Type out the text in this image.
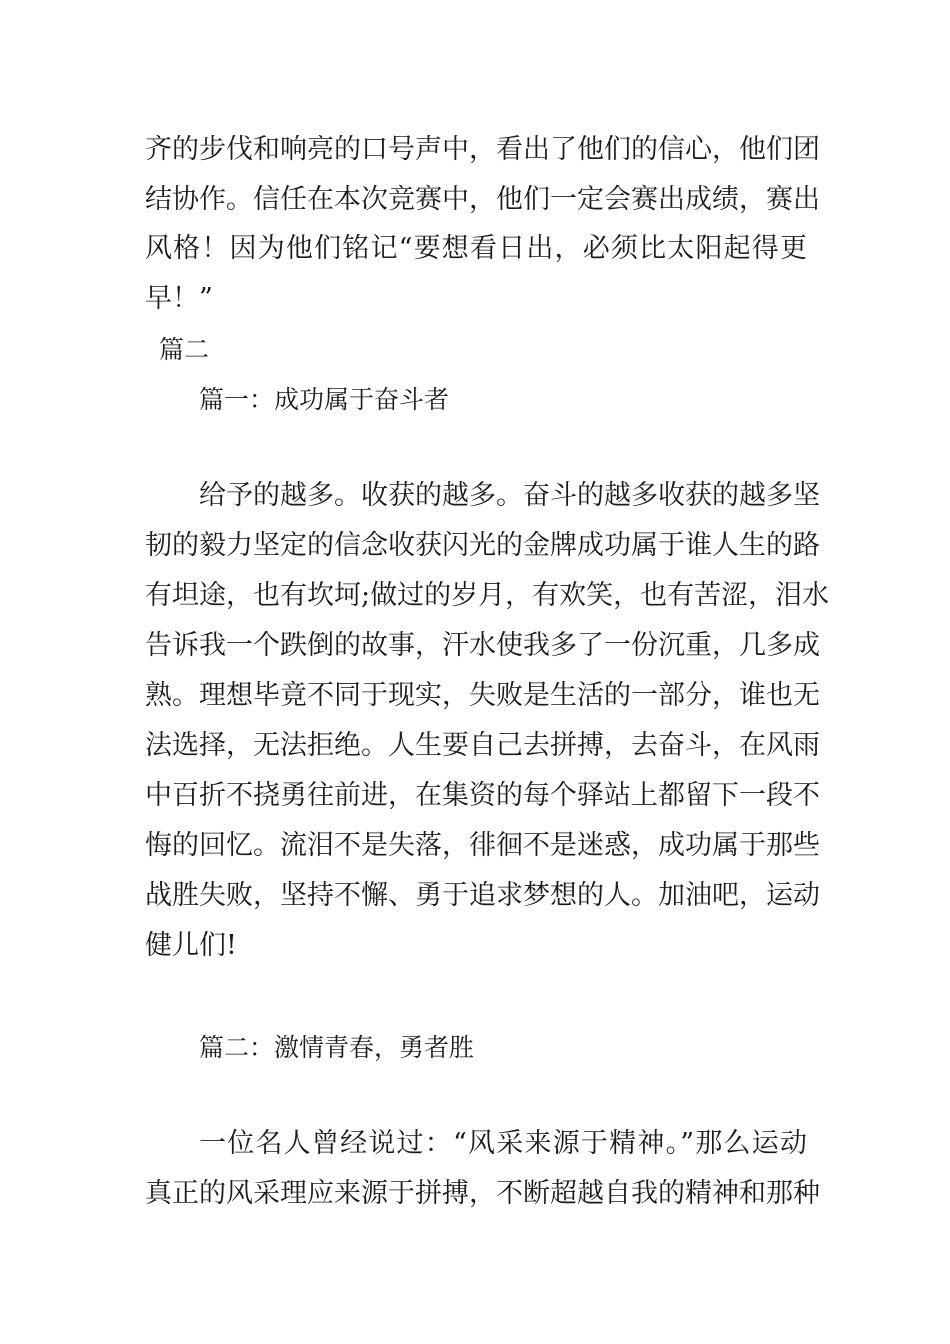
齐的步伐和响亮的口号声中，看出了他们的信心，他们团
结协作。信任在本次竞赛中，他们一定会赛出成绩，赛出
风格！因为他们铭记“要想看日出，必须比太阳起得更
早！”
篇二
篇一：成功属于奋斗者
给予的越多。收获的越多。奋斗的越多收获的越多坚
韧的毅力坚定的信念收获闪光的金牌成功属于谁人生的路
有坦途，也有坎坷;做过的岁月，有欢笑，也有苦涩，泪水
告诉我一个跌倒的故事，汗水使我多了一份沉重，几多成
熟。理想毕竟不同于现实，失败是生活的一部分，谁也无
法选择，无法拒绝。人生要自己去拼搏，去奋斗，在风雨
中百折不挠勇往前进，在集资的每个驿站上都留下一段不
悔的回忆。流泪不是失落，徘徊不是迷惑，成功属于那些
战胜失败，坚持不懈、勇于追求梦想的人。加油吧，运动
健儿们!
篇二：激情青春，勇者胜
一位名人曾经说过：“风采来源于精神。”那么运动
真正的风采理应来源于拼搏，不断超越自我的精神和那种
